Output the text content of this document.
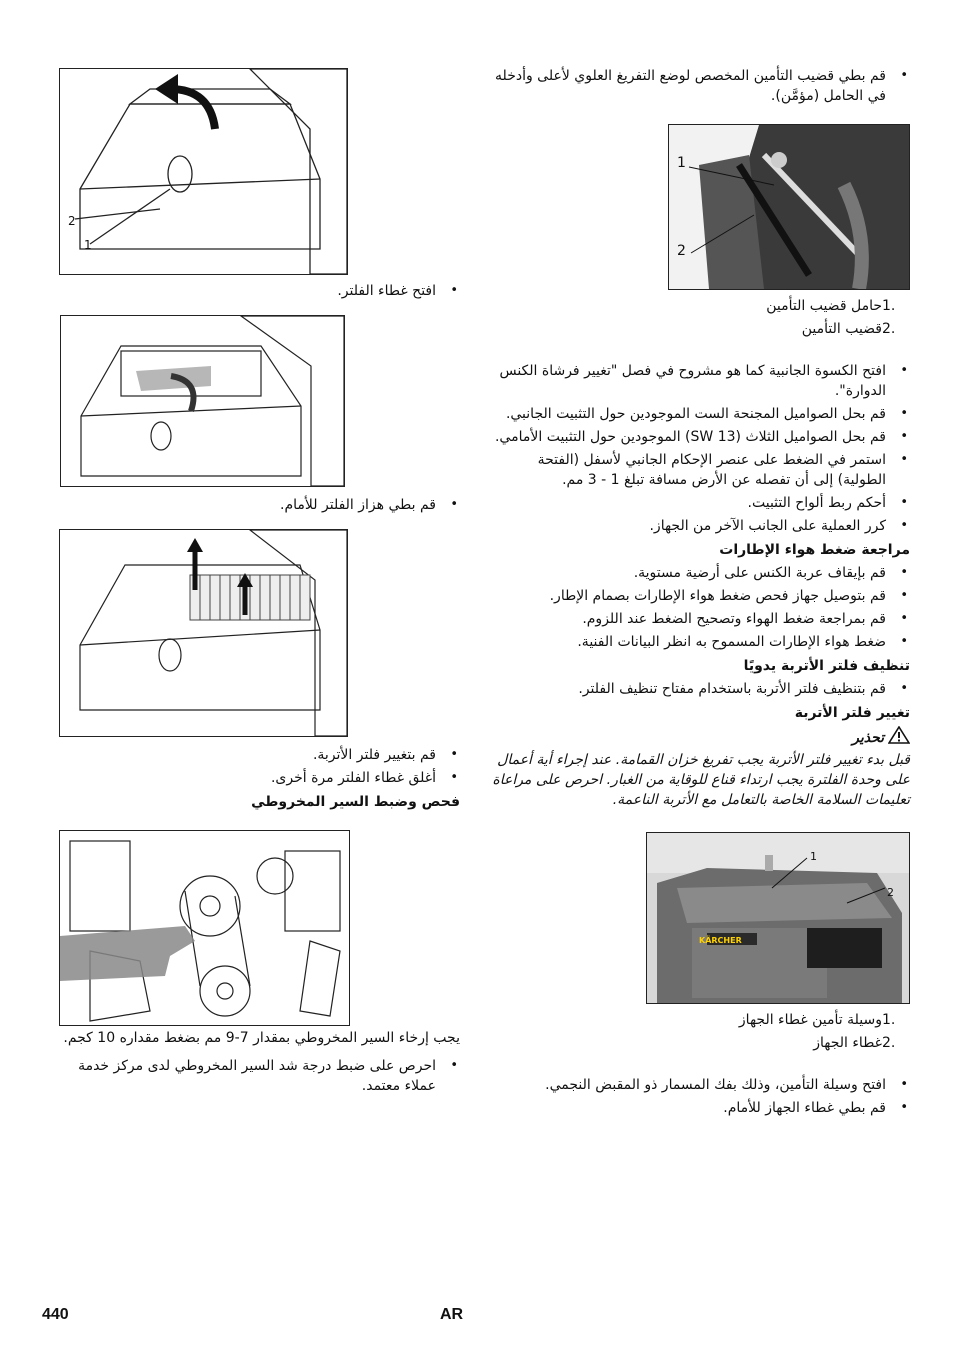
• قم بطي قضيب التأمين المخصص لوضع التفريغ العلوي لأعلى وأدخله في الحامل (مؤمَّن).
1
2
1.حامل قضيب التأمين
2.قضيب التأمين
• افتح الكسوة الجانبية كما هو مشروح في فصل "تغيير فرشاة الكنس الدوارة".
• قم بحل الصواميل المجنحة الست الموجودين حول التثبيت الجانبي.
• قم بحل الصواميل الثلاث (SW 13) الموجودين حول التثبيت الأمامي.
• استمر في الضغط على عنصر الإحكام الجانبي لأسفل (الفتحة الطولية) إلى أن تفصله عن الأرض مسافة تبلغ 1 - 3 مم.
• أحكم ربط ألواح التثبيت.
• كرر العملية على الجانب الآخر من الجهاز.
مراجعة ضغط هواء الإطارات
• قم بإيقاف عربة الكنس على أرضية مستوية.
• قم بتوصيل جهاز فحص ضغط هواء الإطارات بصمام الإطار.
• قم بمراجعة ضغط الهواء وتصحيح الضغط عند اللزوم.
• ضغط هواء الإطارات المسموح به انظر البيانات الفنية.
تنظيف فلتر الأتربة يدويًا
• قم بتنظيف فلتر الأتربة باستخدام مفتاح تنظيف الفلتر.
تغيير فلتر الأتربة
تحذير
قبل بدء تغيير فلتر الأتربة يجب تفريغ خزان القمامة. عند إجراء أية أعمال على وحدة الفلترة يجب ارتداء قناع للوقاية من الغبار. احرص على مراعاة تعليمات السلامة الخاصة بالتعامل مع الأتربة الناعمة.
1
2
KÄRCHER
1.وسيلة تأمين غطاء الجهاز
2.غطاء الجهاز
• افتح وسيلة التأمين، وذلك بفك المسمار ذو المقبض النجمي.
• قم بطي غطاء الجهاز للأمام.
2
1
• افتح غطاء الفلتر.
• قم بطي هزاز الفلتر للأمام.
• قم بتغيير فلتر الأتربة.
• أغلق غطاء الفلتر مرة أخرى.
فحص وضبط السير المخروطي
يجب إرخاء السير المخروطي بمقدار 7-9 مم بضغط مقداره 10 كجم.
• احرص على ضبط درجة شد السير المخروطي لدى مركز خدمة عملاء معتمد.
440	AR
